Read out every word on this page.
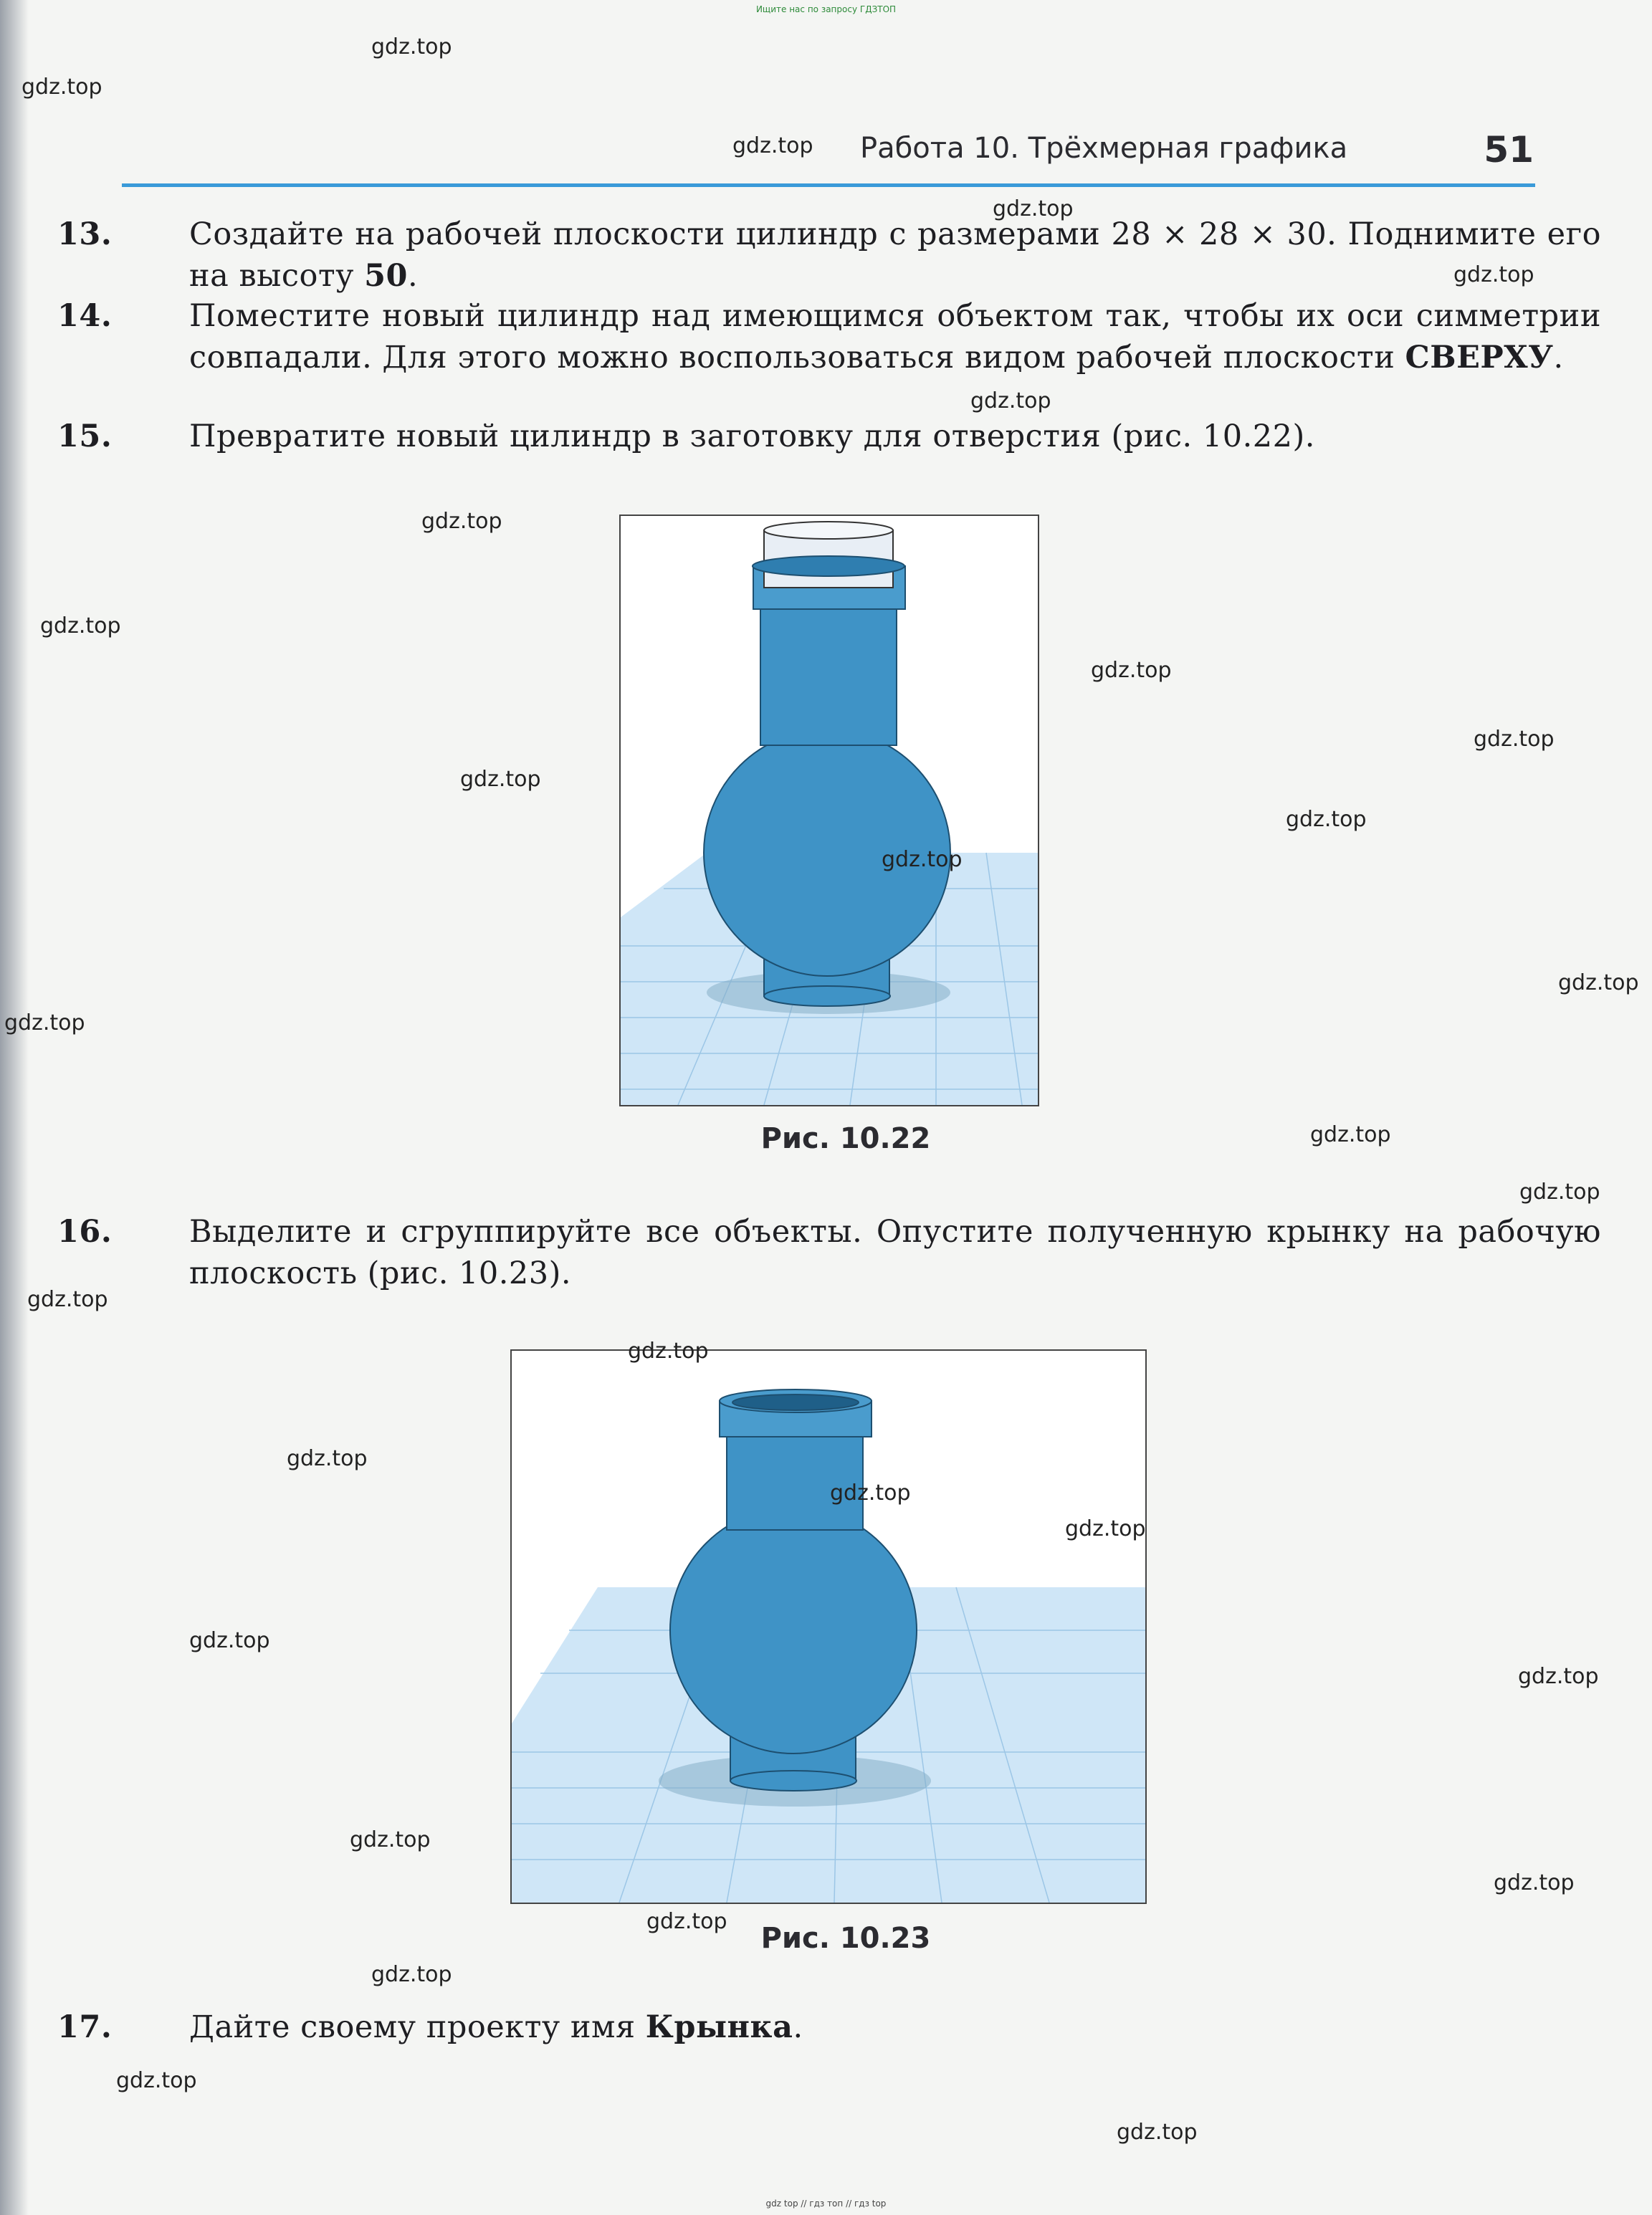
Ищите нас по запросу ГДЗТОП
Работа 10. Трёхмерная графика	51
13.	Создайте на рабочей плоскости цилиндр с размерами 28 × 28 × 30. Поднимите его на высоту 50.
14.	Поместите новый цилиндр над имеющимся объектом так, чтобы их оси симметрии совпадали. Для этого можно воспользоваться видом рабочей плоскости СВЕРХУ.
15.	Превратите новый цилиндр в заготовку для отверстия (рис. 10.22).
Рис. 10.22
16.	Выделите и сгруппируйте все объекты. Опустите полученную крынку на рабочую плоскость (рис. 10.23).
Рис. 10.23
17.	Дайте своему проекту имя Крынка.
gdz.top
gdz.top
gdz.top
gdz.top
gdz.top
gdz.top
gdz.top
gdz.top
gdz.top
gdz.top
gdz.top
gdz.top
gdz.top
gdz.top
gdz.top
gdz.top
gdz.top
gdz.top
gdz.top
gdz.top
gdz.top
gdz.top
gdz.top
gdz.top
gdz.top
gdz.top
gdz.top
gdz.top
gdz.top
gdz.top
gdz top // гдз топ // гдз top
